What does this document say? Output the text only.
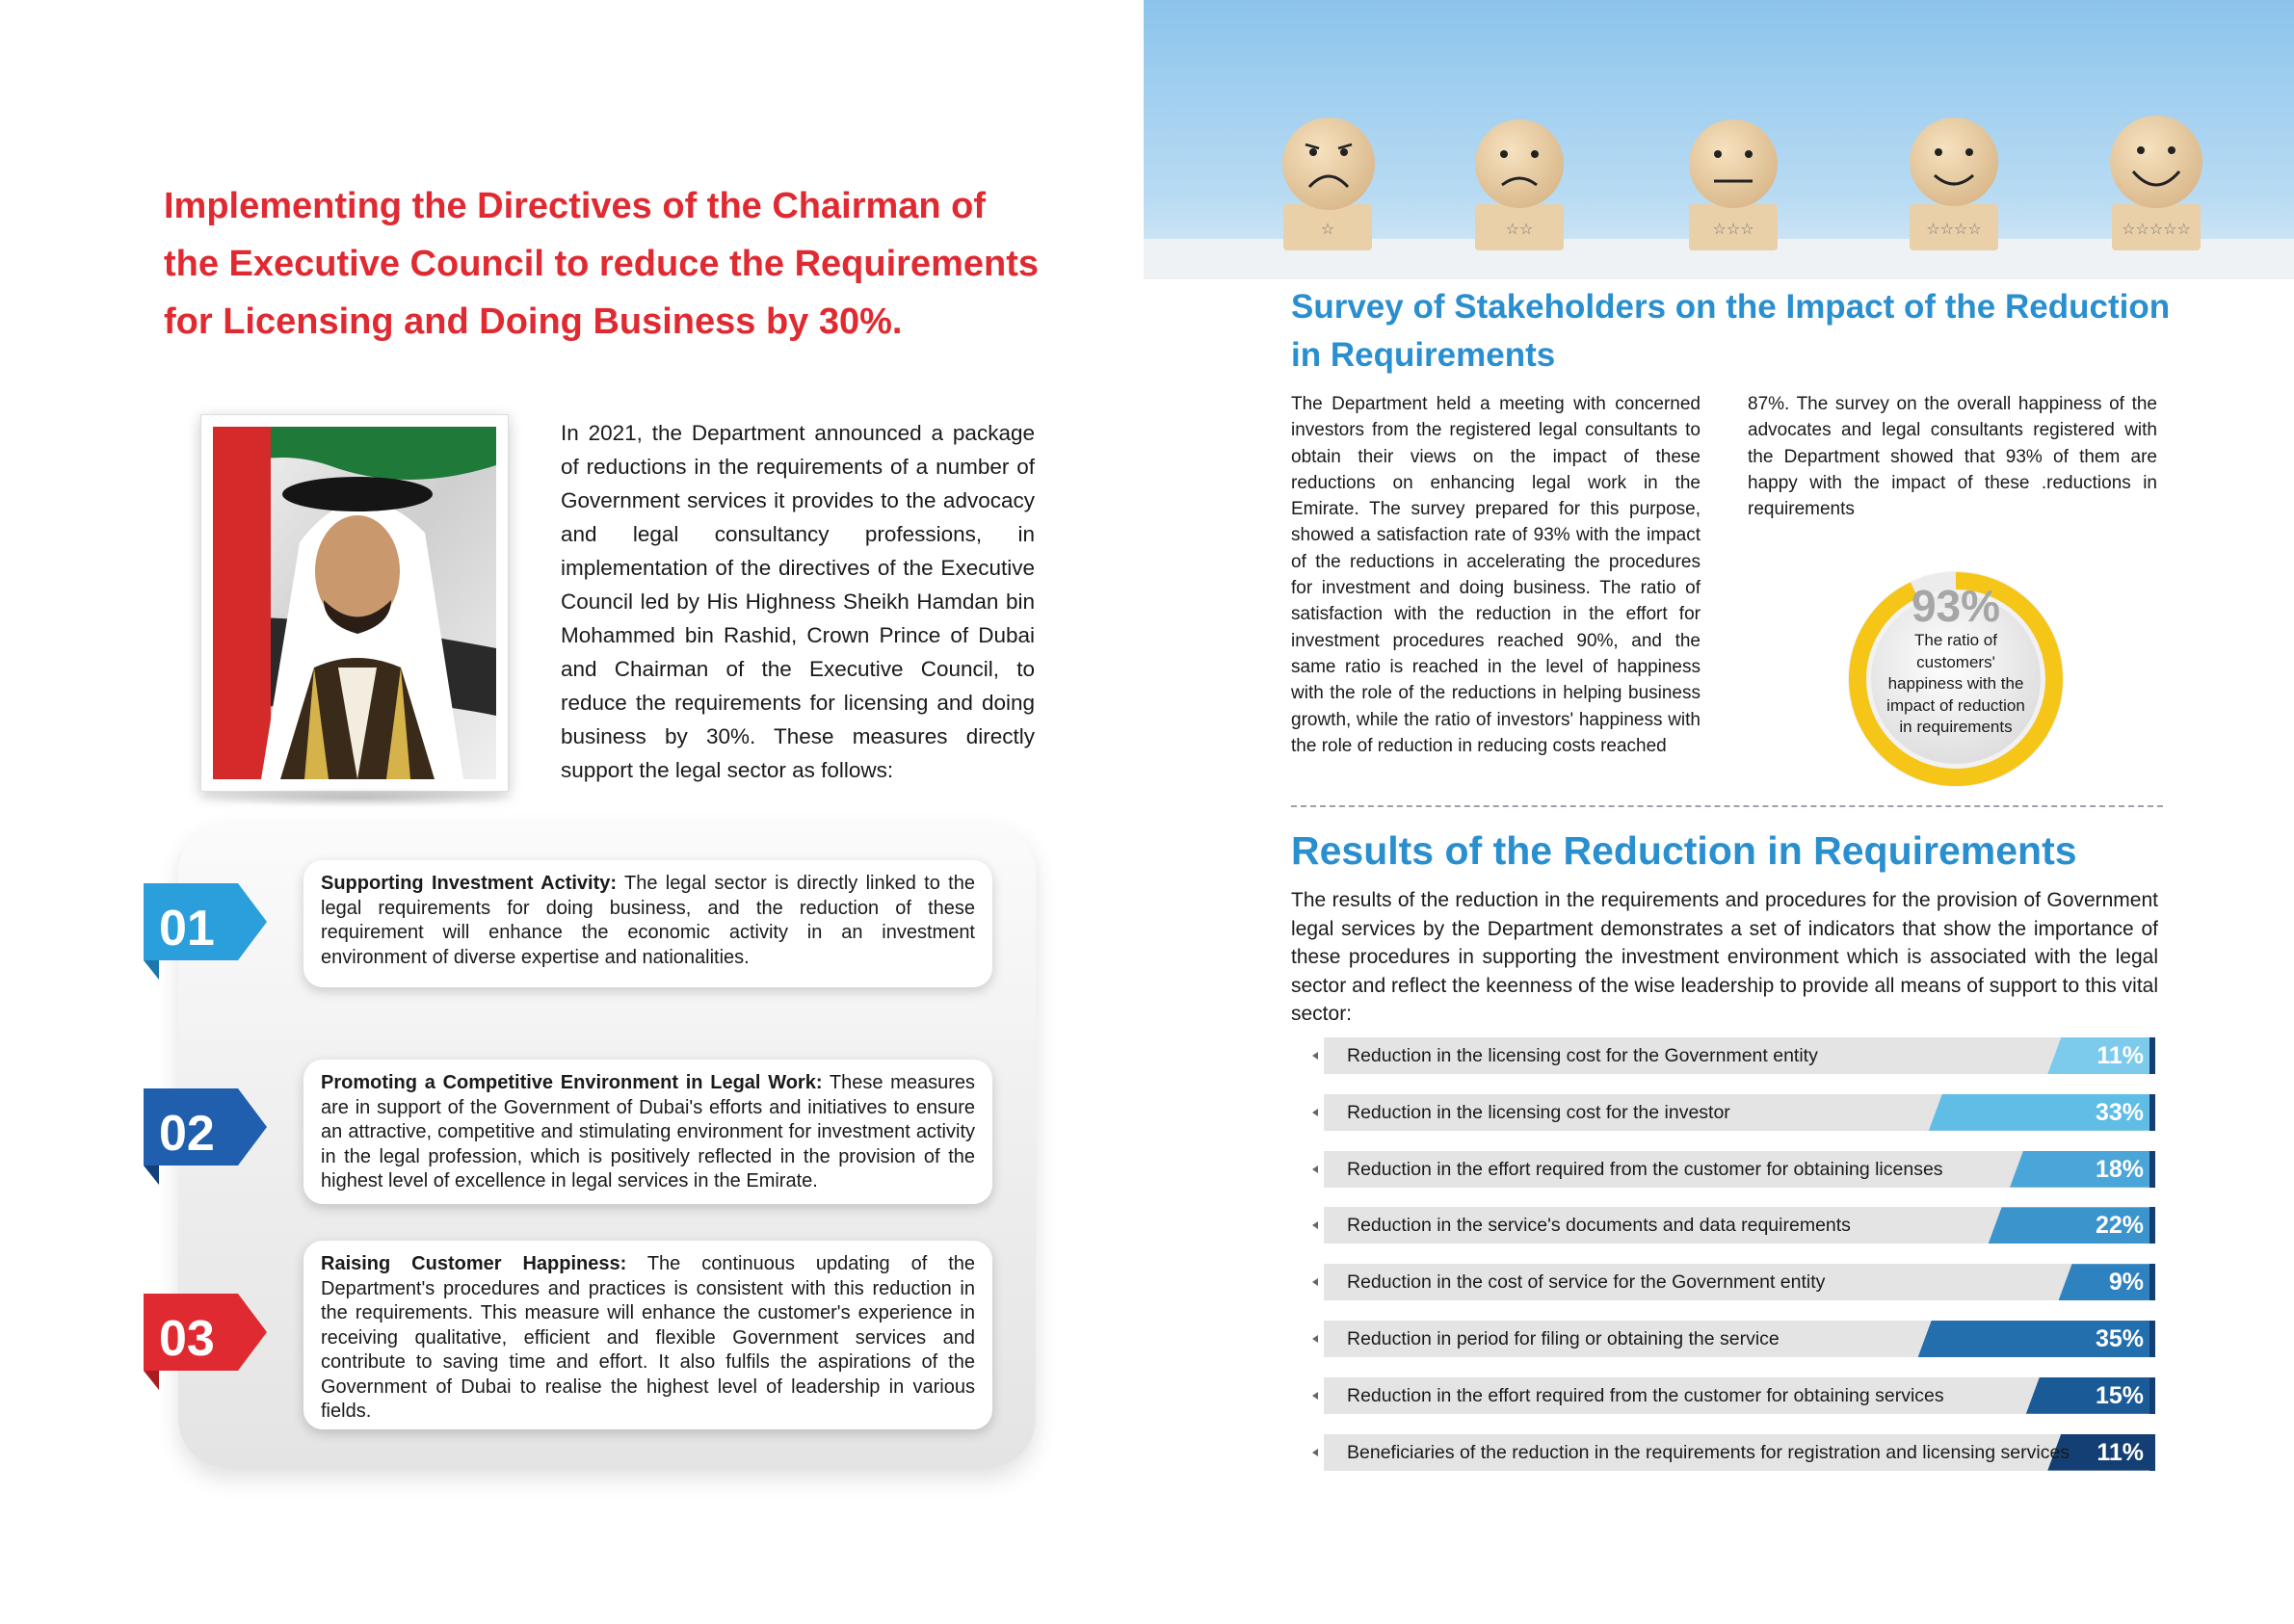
Implementing the Directives of the Chairman of the Executive Council to reduce the Requirements for Licensing and Doing Business by 30%.
In 2021, the Department announced a package of reductions in the requirements of a number of Government services it provides to the advocacy and legal consultancy professions, in implementation of the directives of the Executive Council led by His Highness Sheikh Hamdan bin Mohammed bin Rashid, Crown Prince of Dubai and Chairman of the Executive Council, to reduce the requirements for licensing and doing business by 30%. These measures directly support the legal sector as follows:
Supporting Investment Activity: The legal sector is directly linked to the legal requirements for doing business, and the reduction of these requirement will enhance the economic activity in an investment environment of diverse expertise and nationalities.
01
Promoting a Competitive Environment in Legal Work: These measures are in support of the Government of Dubai's efforts and initiatives to ensure an attractive, competitive and stimulating environment for investment activity in the legal profession, which is positively reflected in the provision of the highest level of excellence in legal services in the Emirate.
02
Raising Customer Happiness: The continuous updating of the Department's procedures and practices is consistent with this reduction in the requirements. This measure will enhance the customer's experience in receiving qualitative, efficient and flexible Government services and contribute to saving time and effort. It also fulfils the aspirations of the Government of Dubai to realise the highest level of leadership in various fields.
03
☆	☆☆	☆☆☆	☆☆☆☆	☆☆☆☆☆
Survey of Stakeholders on the Impact of the Reduction in Requirements
The Department held a meeting with concerned investors from the registered legal consultants to obtain their views on the impact of these reductions on enhancing legal work in the Emirate. The survey prepared for this purpose, showed a satisfaction rate of 93% with the impact of the reductions in accelerating the procedures for investment and doing business. The ratio of satisfaction with the reduction in the effort for investment procedures reached 90%, and the same ratio is reached in the level of happiness with the role of the reductions in helping business growth, while the ratio of investors' happiness with the role of reduction in reducing costs reached
87%. The survey on the overall happiness of the advocates and legal consultants registered with the Department showed that 93% of them are happy with the impact of these .reductions in requirements
93%
The ratio of customers' happiness with the impact of reduction in requirements
Results of the Reduction in Requirements
The results of the reduction in the requirements and procedures for the provision of Government legal services by the Department demonstrates a set of indicators that show the importance of these procedures in supporting the investment environment which is associated with the legal sector and reflect the keenness of the wise leadership to provide all means of support to this vital sector:
Reduction in the licensing cost for the Government entity	11%
Reduction in the licensing cost for the investor	33%
Reduction in the effort required from the customer for obtaining licenses	18%
Reduction in the service's documents and data requirements	22%
Reduction in the cost of service for the Government entity	9%
Reduction in period for filing or obtaining the service	35%
Reduction in the effort required from the customer for obtaining services	15%
Beneficiaries of the reduction in the requirements for registration and licensing services 11%
